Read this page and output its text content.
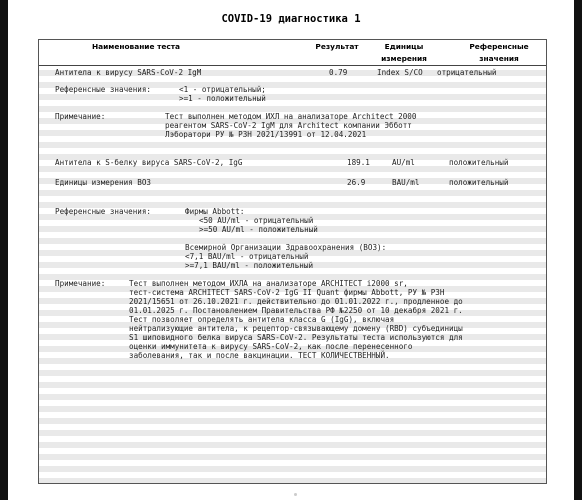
COVID-19 диагностика 1
Наименование теста	Результат	Единицы
измерения
Референсные
значения
Антитела к вирусу SARS-CoV-2 IgM	0.79	Index S/CO отрицательный
Референсные значения:	<1 - отрицательный;
>=1 - положительный
Примечание:	Тест выполнен методом ИХЛ на анализаторе Architect 2000
реагентом SARS-CoV-2 IgM для Architect компании Эбботт
Лэборатори РУ № РЗН 2021/13991 от 12.04.2021
Антитела к S-белку вируса SARS-CoV-2, IgG	189.1	AU/ml	положительный
Единицы измерения ВОЗ	26.9	BAU/ml	положительный
Референсные значения:	Фирмы Abbott:
<50 AU/ml - отрицательный
>=50 AU/ml - положительный
Всемирной Организации Здравоохранения (ВОЗ):
<7,1 BAU/ml - отрицательный
>=7,1 BAU/ml - положительный
Примечание:	Тест выполнен методом ИХЛА на анализаторе ARCHITECT i2000 sr,
тест-система ARCHITECT SARS-CoV-2 IgG II Quant фирмы Abbott, РУ № РЗН
2021/15651 от 26.10.2021 г. действительно до 01.01.2022 г., продленное до
01.01.2025 г. Постановлением Правительства РФ №2250 от 10 декабря 2021 г.
Тест позволяет определять антитела класса G (IgG), включая
нейтрализующие антитела, к рецептор-связывающему домену (RBD) субъединицы
S1 шиповидного белка вируса SARS-CoV-2. Результаты теста используются для
оценки иммунитета к вирусу SARS-CoV-2, как после перенесенного
заболевания, так и после вакцинации. ТЕСТ КОЛИЧЕСТВЕННЫЙ.
